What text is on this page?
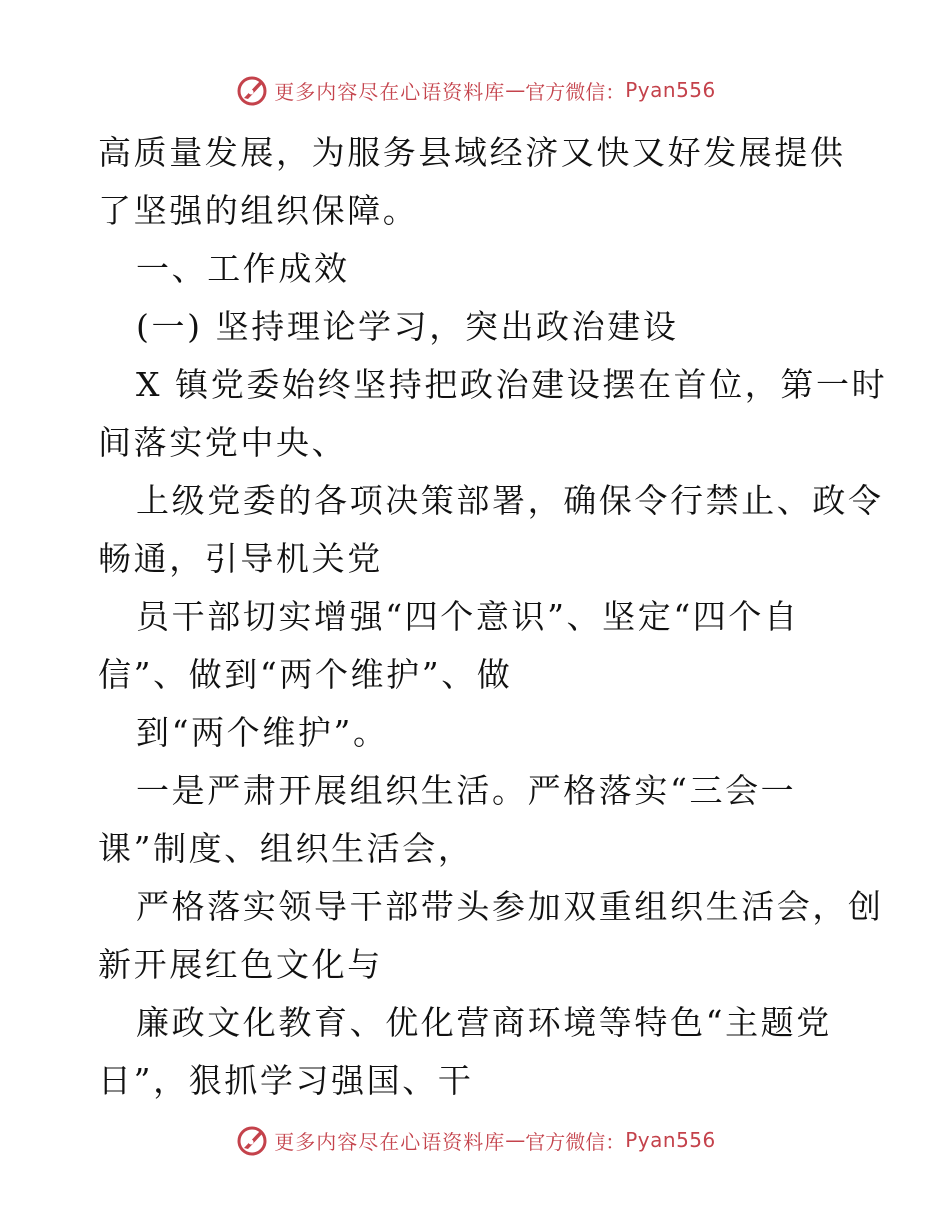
更多内容尽在心语资料库 — 官方微信： Pyan556
高质量发展，为服务县域经济又快又好发展提供
了坚强的组织保障。
一、工作成效
(一) 坚持理论学习，突出政治建设
X 镇党委始终坚持把政治建设摆在首位，第一时
间落实党中央、
上级党委的各项决策部署，确保令行禁止、政令
畅通，引导机关党
员干部切实增强“四个意识”、坚定“四个自
信”、做到“两个维护”、做
到“两个维护”。
一是严肃开展组织生活。严格落实“三会一
课”制度、组织生活会，
严格落实领导干部带头参加双重组织生活会，创
新开展红色文化与
廉政文化教育、优化营商环境等特色“主题党
日”，狠抓学习强国、干
更多内容尽在心语资料库 — 官方微信： Pyan556
